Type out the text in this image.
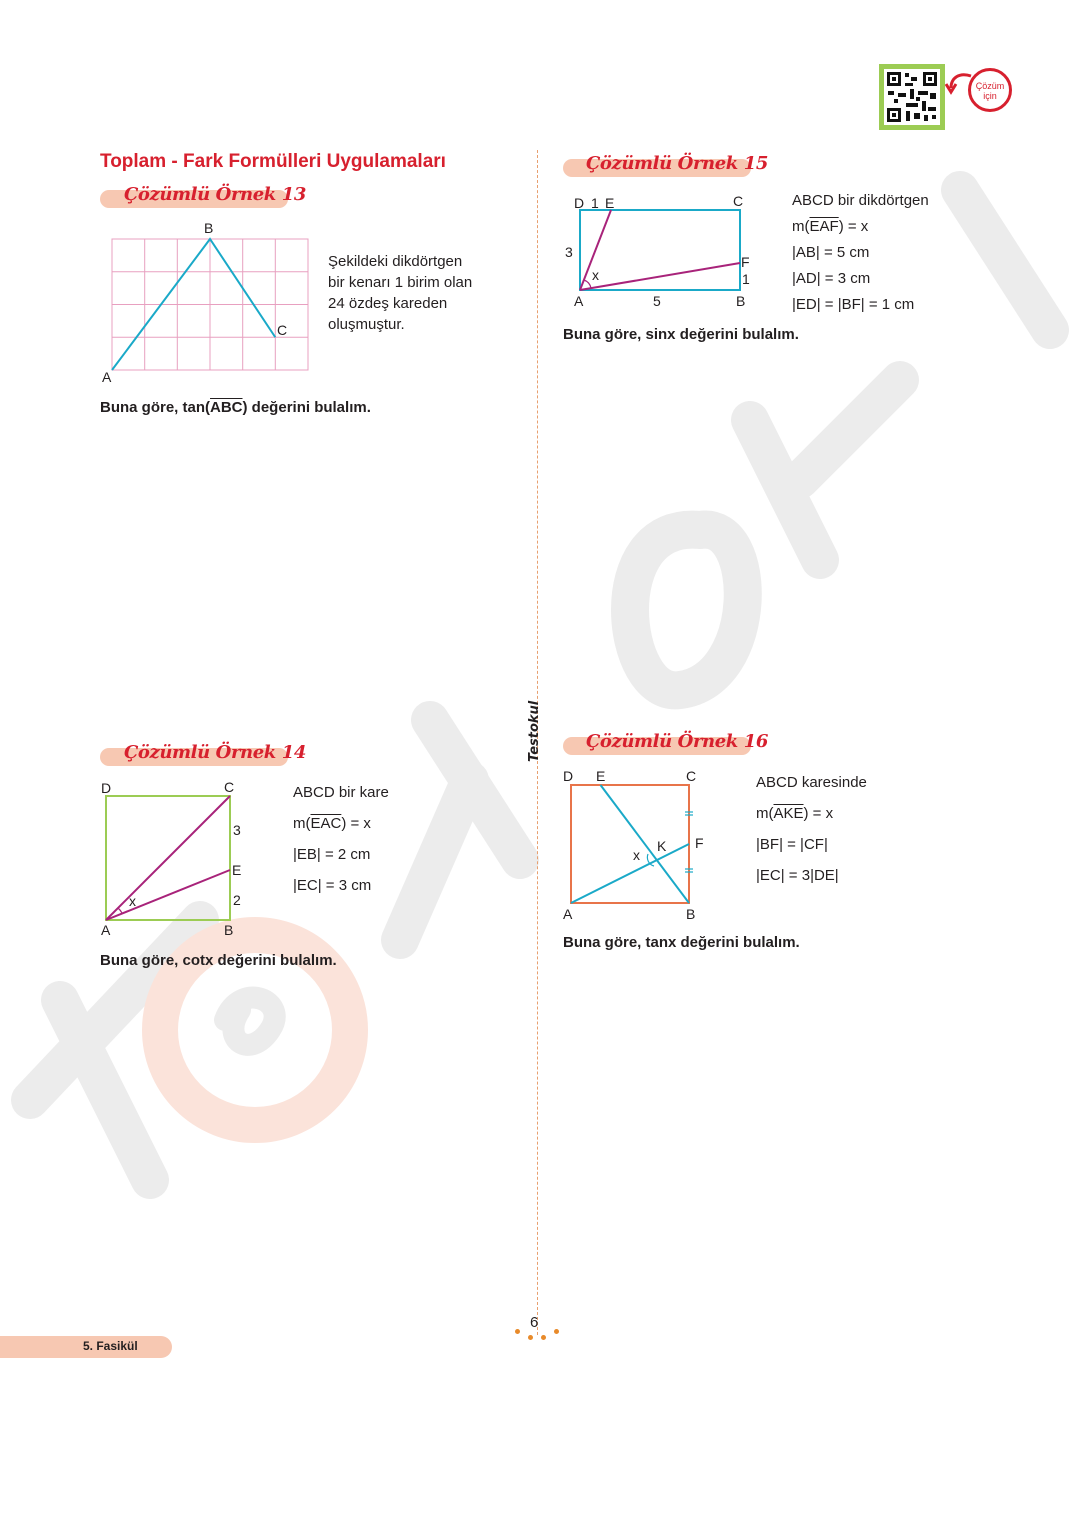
Çözüm
için
Testokul
Toplam - Fark Formülleri Uygulamaları
Çözümlü Örnek 13
B
C
A
Şekildeki dikdörtgen
bir kenarı 1 birim olan
24 özdeş kareden
oluşmuştur.
Buna göre, $\tan(\overline{ABC})$ değerini bulalım.
Çözümlü Örnek 15
D 1 E	C
3
x
F
1
A	5	B
ABCD bir dikdörtgen
$m(\overline{EAF}) = x$
|AB| = 5 cm
|AD| = 3 cm
|ED| = |BF| = 1 cm
Buna göre, sinx değerini bulalım.
Çözümlü Örnek 14
D	C
3
E
2
x
A	B
ABCD bir kare
$m(\overline{EAC}) = x$
|EB| = 2 cm
|EC| = 3 cm
Buna göre, cotx değerini bulalım.
Çözümlü Örnek 16
D E	C
K
x
F
A	B
ABCD karesinde
$m(\overline{AKE}) = x$
|BF| = |CF|
|EC| = 3|DE|
Buna göre, tanx değerini bulalım.
5. Fasikül
6
